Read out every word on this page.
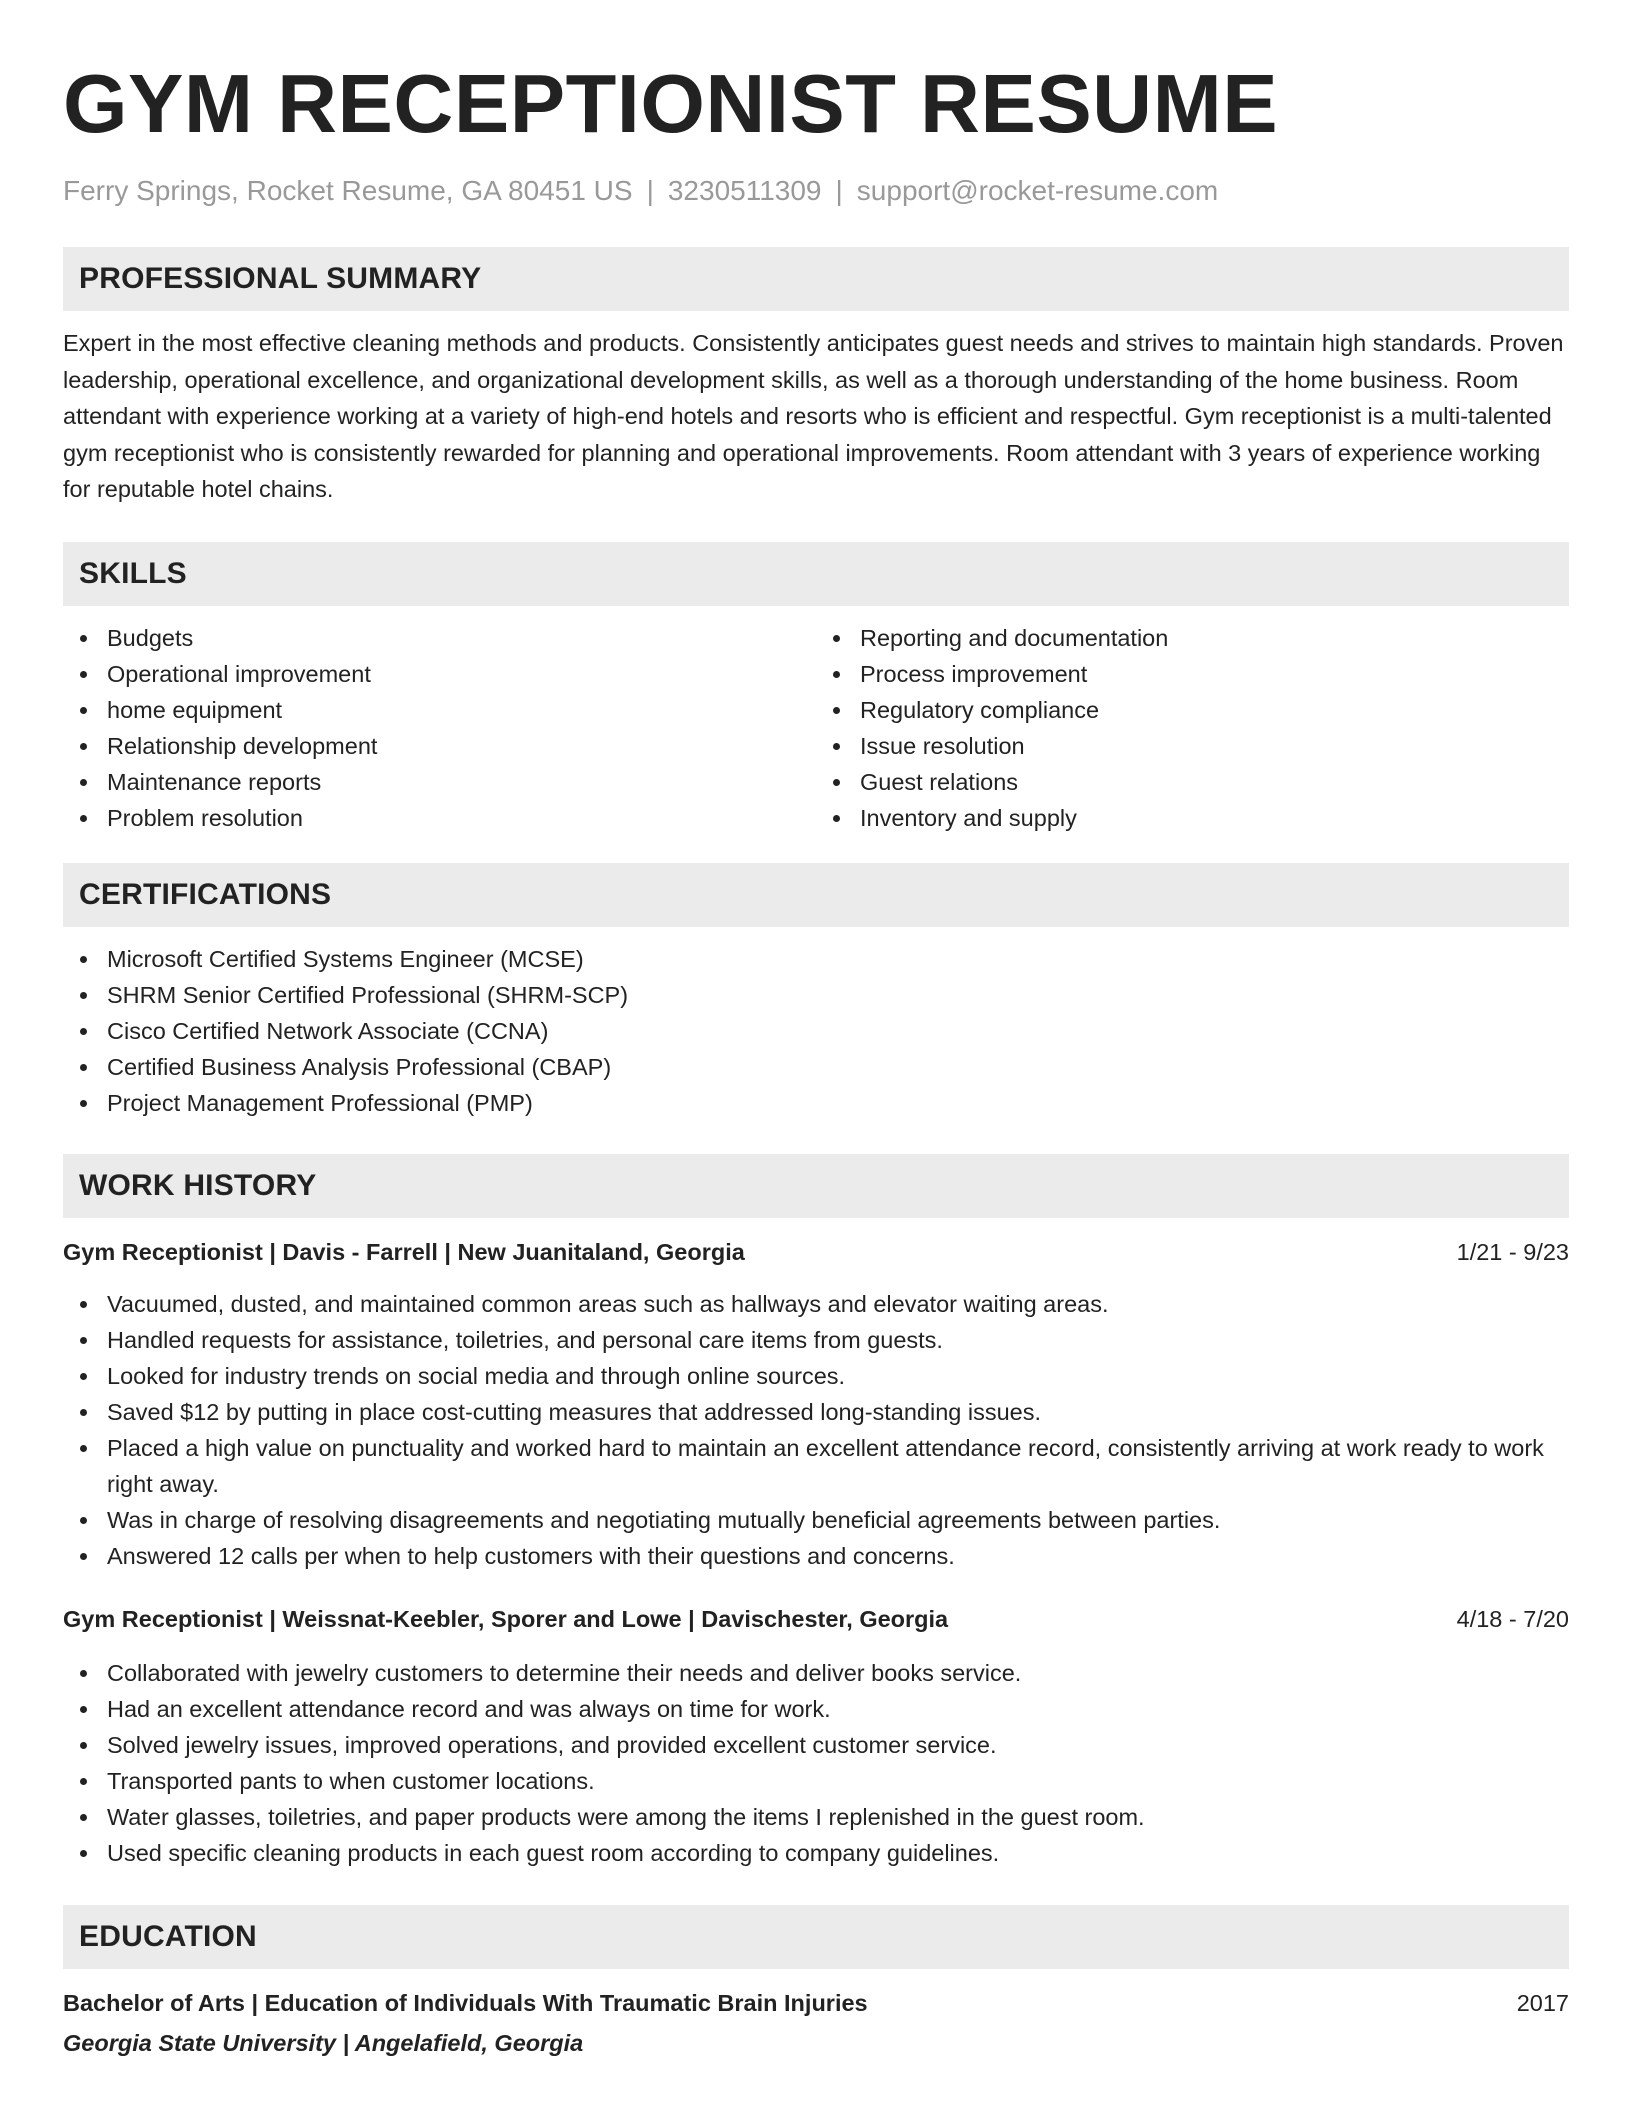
GYM RECEPTIONIST RESUME
Ferry Springs, Rocket Resume, GA 80451 US | 3230511309 | support@rocket-resume.com
PROFESSIONAL SUMMARY

Expert in the most effective cleaning methods and products. Consistently anticipates guest needs and strives to maintain high standards. Proven leadership, operational excellence, and organizational development skills, as well as a thorough understanding of the home business. Room attendant with experience working at a variety of high-end hotels and resorts who is efficient and respectful. Gym receptionist is a multi-talented gym receptionist who is consistently rewarded for planning and operational improvements. Room attendant with 3 years of experience working for reputable hotel chains.

SKILLS
Budgets
Operational improvement
home equipment
Relationship development
Maintenance reports
Problem resolution
Reporting and documentation
Process improvement
Regulatory compliance
Issue resolution
Guest relations
Inventory and supply
CERTIFICATIONS
Microsoft Certified Systems Engineer (MCSE)
SHRM Senior Certified Professional (SHRM-SCP)
Cisco Certified Network Associate (CCNA)
Certified Business Analysis Professional (CBAP)
Project Management Professional (PMP)
WORK HISTORY
Gym Receptionist | Davis - Farrell | New Juanitaland, Georgia	1/21 - 9/23
Vacuumed, dusted, and maintained common areas such as hallways and elevator waiting areas.
Handled requests for assistance, toiletries, and personal care items from guests.
Looked for industry trends on social media and through online sources.
Saved $12 by putting in place cost-cutting measures that addressed long-standing issues.
Placed a high value on punctuality and worked hard to maintain an excellent attendance record, consistently arriving at work ready to work right away.
Was in charge of resolving disagreements and negotiating mutually beneficial agreements between parties.
Answered 12 calls per when to help customers with their questions and concerns.
Gym Receptionist | Weissnat-Keebler, Sporer and Lowe | Davischester, Georgia	4/18 - 7/20
Collaborated with jewelry customers to determine their needs and deliver books service.
Had an excellent attendance record and was always on time for work.
Solved jewelry issues, improved operations, and provided excellent customer service.
Transported pants to when customer locations.
Water glasses, toiletries, and paper products were among the items I replenished in the guest room.
Used specific cleaning products in each guest room according to company guidelines.
EDUCATION
Bachelor of Arts | Education of Individuals With Traumatic Brain Injuries	2017
Georgia State University | Angelafield, Georgia
